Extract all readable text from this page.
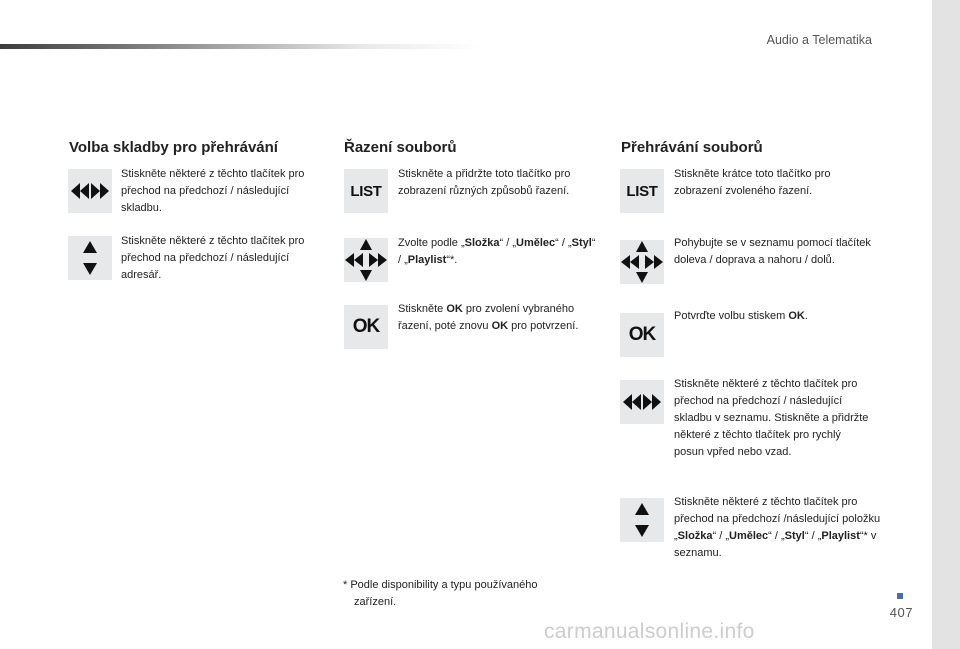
Audio a Telematika
Volba skladby pro přehrávání
Stiskněte některé z těchto tlačítek pro přechod na předchozí / následující skladbu.
Stiskněte některé z těchto tlačítek pro přechod na předchozí / následující adresář.
Řazení souborů
LIST
Stiskněte a přidržte toto tlačítko pro zobrazení různých způsobů řazení.
Zvolte podle „Složka“ / „Umělec“ / „Styl“ / „Playlist“*.
OK
Stiskněte OK pro zvolení vybraného řazení, poté znovu OK pro potvrzení.
Přehrávání souborů
LIST
Stiskněte krátce toto tlačítko pro zobrazení zvoleného řazení.
Pohybujte se v seznamu pomocí tlačítek doleva / doprava a nahoru / dolů.
OK
Potvrďte volbu stiskem OK.
Stiskněte některé z těchto tlačítek pro přechod na předchozí / následující skladbu v seznamu. Stiskněte a přidržte některé z těchto tlačítek pro rychlý posun vpřed nebo vzad.
Stiskněte některé z těchto tlačítek pro přechod na předchozí /následující položku „Složka“ / „Umělec“ / „Styl“ / „Playlist“* v seznamu.
* Podle disponibility a typu používaného
zařízení.
407
carmanualsonline.info
